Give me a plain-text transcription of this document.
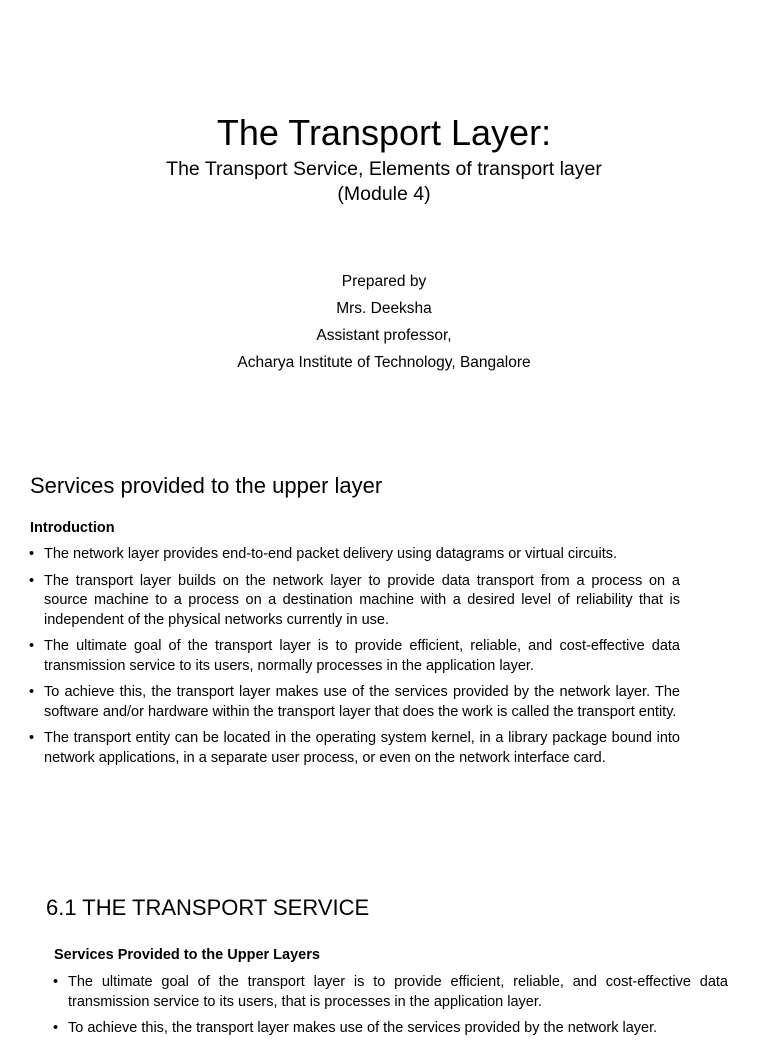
The Transport Layer:
The Transport Service, Elements of transport layer
(Module 4)
Prepared by
Mrs. Deeksha
Assistant professor,
Acharya Institute of Technology, Bangalore
Services provided to the upper layer
Introduction
• The network layer provides end-to-end packet delivery using datagrams or virtual circuits.
• The transport layer builds on the network layer to provide data transport from a process on a source machine to a process on a destination machine with a desired level of reliability that is independent of the physical networks currently in use.
• The ultimate goal of the transport layer is to provide efficient, reliable, and cost-effective data transmission service to its users, normally processes in the application layer.
• To achieve this, the transport layer makes use of the services provided by the network layer. The software and/or hardware within the transport layer that does the work is called the transport entity.
• The transport entity can be located in the operating system kernel, in a library package bound into network applications, in a separate user process, or even on the network interface card.
6.1 THE TRANSPORT SERVICE
Services Provided to the Upper Layers
• The ultimate goal of the transport layer is to provide efficient, reliable, and cost-effective data transmission service to its users, that is processes in the application layer.
• To achieve this, the transport layer makes use of the services provided by the network layer.
